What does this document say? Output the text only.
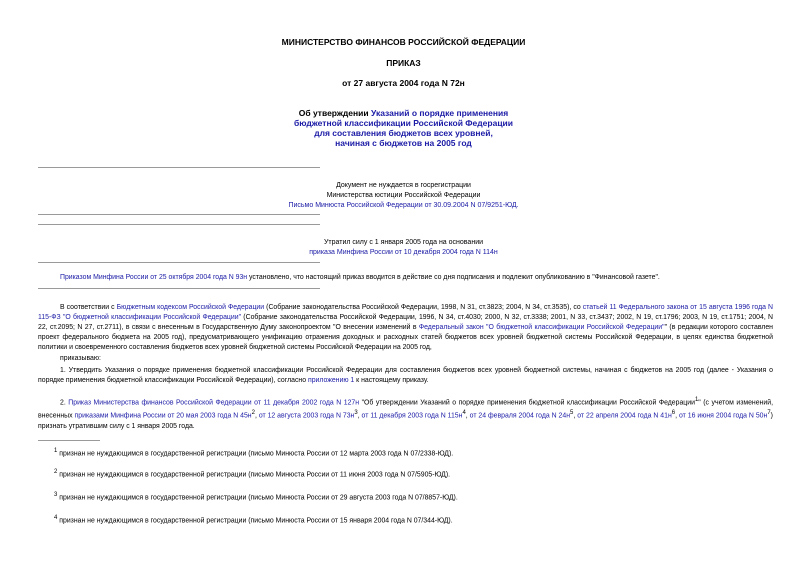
МИНИСТЕРСТВО ФИНАНСОВ РОССИЙСКОЙ ФЕДЕРАЦИИ
ПРИКАЗ
от 27 августа 2004 года N 72н
Об утверждении Указаний о порядке применения
бюджетной классификации Российской Федерации
для составления бюджетов всех уровней,
начиная с бюджетов на 2005 год
Документ не нуждается в госрегистрации
Министерства юстиции Российской Федерации
Письмо Минюста Российской Федерации от 30.09.2004 N 07/9251-ЮД.
Утратил силу с 1 января 2005 года на основании
приказа Минфина России от 10 декабря 2004 года N 114н
Приказом Минфина России от 25 октября 2004 года N 93н установлено, что настоящий приказ вводится в действие со дня подписания и подлежит опубликованию в "Финансовой газете".
В соответствии с Бюджетным кодексом Российской Федерации (Собрание законодательства Российской Федерации, 1998, N 31, ст.3823; 2004, N 34, ст.3535), со статьей 11 Федерального закона от 15 августа 1996 года N 115-ФЗ "О бюджетной классификации Российской Федерации" (Собрание законодательства Российской Федерации, 1996, N 34, ст.4030; 2000, N 32, ст.3338; 2001, N 33, ст.3437; 2002, N 19, ст.1796; 2003, N 19, ст.1751; 2004, N 22, ст.2095; N 27, ст.2711), в связи с внесенным в Государственную Думу законопроектом "О внесении изменений в Федеральный закон "О бюджетной классификации Российской Федерации"" (в редакции которого составлен проект федерального бюджета на 2005 год), предусматривающего унификацию отражения доходных и расходных статей бюджетов всех уровней бюджетной системы Российской Федерации, в целях единства бюджетной политики и своевременного составления бюджетов всех уровней бюджетной системы Российской Федерации на 2005 год,
приказываю:
1. Утвердить Указания о порядке применения бюджетной классификации Российской Федерации для составления бюджетов всех уровней бюджетной системы, начиная с бюджетов на 2005 год (далее - Указания о порядке применения бюджетной классификации Российской Федерации), согласно приложению 1 к настоящему приказу.
2. Приказ Министерства финансов Российской Федерации от 11 декабря 2002 года N 127н "Об утверждении Указаний о порядке применения бюджетной классификации Российской Федерации$^1$" (с учетом изменений, внесенных приказами Минфина России от 20 мая 2003 года N $45н^2$, от 12 августа 2003 года N $73н^3$, от 11 декабря 2003 года N $115н^4$, от 24 февраля 2004 года N $24н^5$, от 22 апреля 2004 года N $41н^6$, от 16 июня 2004 года N $50н^7$) признать утратившим силу с 1 января 2005 года.
$^1$ признан не нуждающимся в государственной регистрации (письмо Минюста России от 12 марта 2003 года N 07/2338-ЮД).
$^2$ признан не нуждающимся в государственной регистрации (письмо Минюста России от 11 июня 2003 года N 07/5905-ЮД).
$^3$ признан не нуждающимся в государственной регистрации (письмо Минюста России от 29 августа 2003 года N 07/8857-ЮД).
$^4$ признан не нуждающимся в государственной регистрации (письмо Минюста России от 15 января 2004 года N 07/344-ЮД).
